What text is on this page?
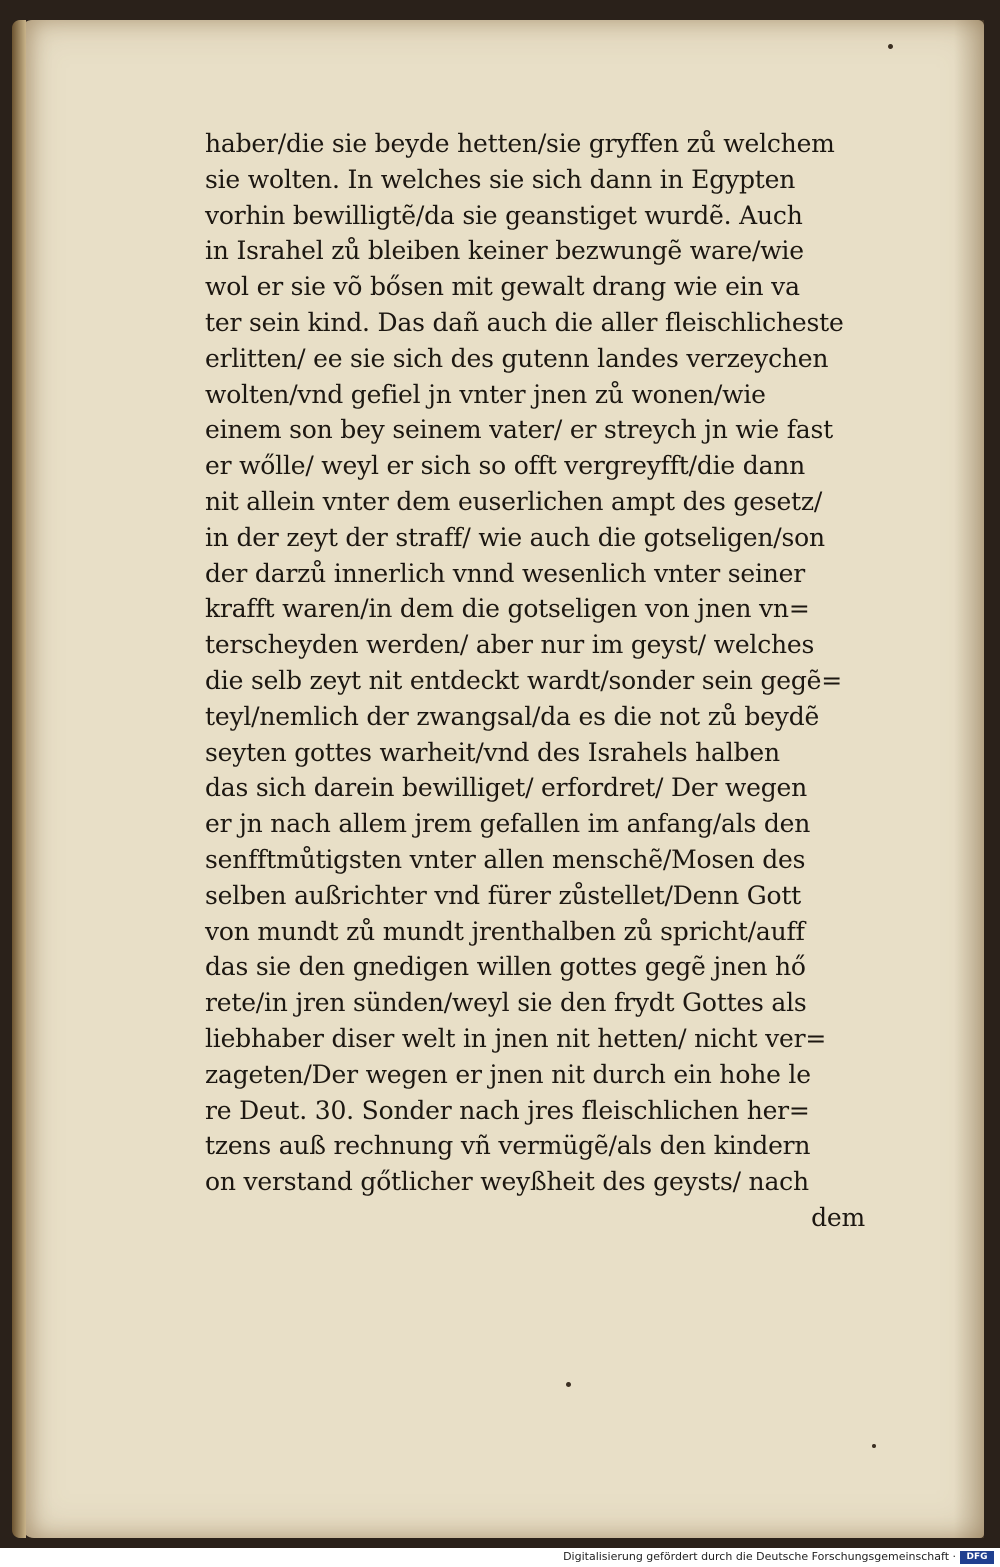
haber/die sie beyde hetten/sie gryffen zů welchem
sie wolten. In welches sie sich dann in Egypten
vorhin bewilligtẽ/da sie geanstiget wurdẽ. Auch
in Israhel zů bleiben keiner bezwungẽ ware/wie
wol er sie võ bősen mit gewalt drang wie ein va
ter sein kind. Das dañ auch die aller fleischlicheste
erlitten/ ee sie sich des gutenn landes verzeychen
wolten/vnd gefiel jn vnter jnen zů wonen/wie
einem son bey seinem vater/ er streych jn wie fast
er wőlle/ weyl er sich so offt vergreyfft/die dann
nit allein vnter dem euserlichen ampt des gesetz/
in der zeyt der straff/ wie auch die gotseligen/son
der darzů innerlich vnnd wesenlich vnter seiner
krafft waren/in dem die gotseligen von jnen vn=
terscheyden werden/ aber nur im geyst/ welches
die selb zeyt nit entdeckt wardt/sonder sein gegẽ=
teyl/nemlich der zwangsal/da es die not zů beydẽ
seyten gottes warheit/vnd des Israhels halben
das sich darein bewilliget/ erfordret/ Der wegen
er jn nach allem jrem gefallen im anfang/als den
senfftmůtigsten vnter allen menschẽ/Mosen des
selben außrichter vnd fürer zůstellet/Denn Gott
von mundt zů mundt jrenthalben zů spricht/auff
das sie den gnedigen willen gottes gegẽ jnen hő
rete/in jren sünden/weyl sie den frydt Gottes als
liebhaber diser welt in jnen nit hetten/ nicht ver=
zageten/Der wegen er jnen nit durch ein hohe le
re Deut. 30. Sonder nach jres fleischlichen her=
tzens auß rechnung vñ vermügẽ/als den kindern
on verstand gőtlicher weyßheit des geysts/ nach
dem
Digitalisierung gefördert durch die Deutsche Forschungsgemeinschaft ·	DFG
